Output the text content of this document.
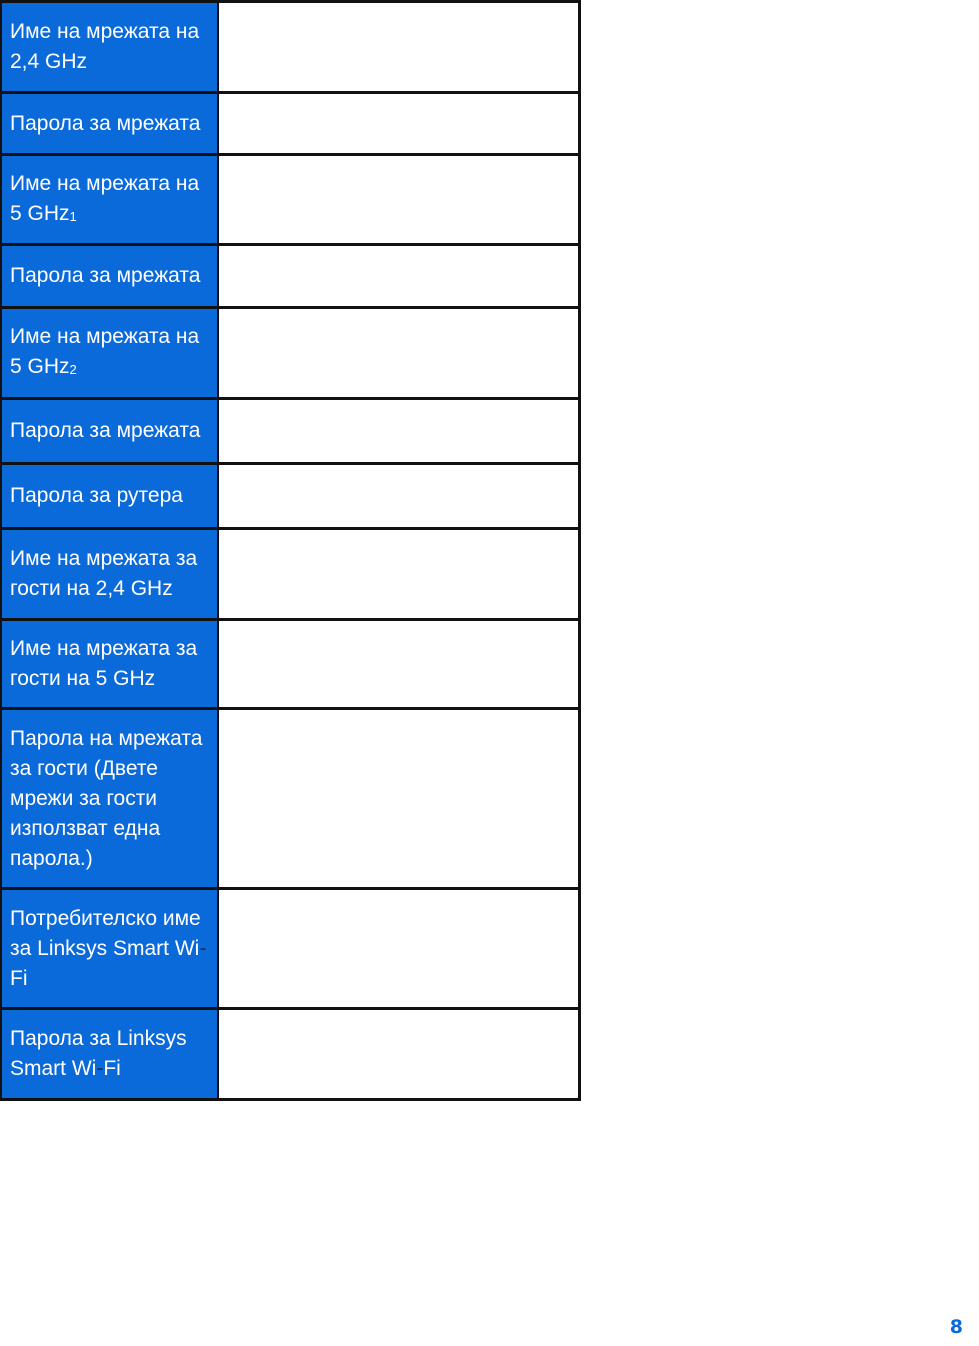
Име на мрежата на 2,4 GHz	
Парола за мрежата	
Име на мрежата на 5 GHz1	
Парола за мрежата	
Име на мрежата на 5 GHz2	
Парола за мрежата	
Парола за рутера	
Име на мрежата за гости на 2,4 GHz	
Име на мрежата за гости на 5 GHz	
Парола на мрежата за гости (Двете мрежи за гости използват една парола.)	
Потребителско име за Linksys Smart Wi-Fi	
Парола за Linksys Smart Wi-Fi	
8
